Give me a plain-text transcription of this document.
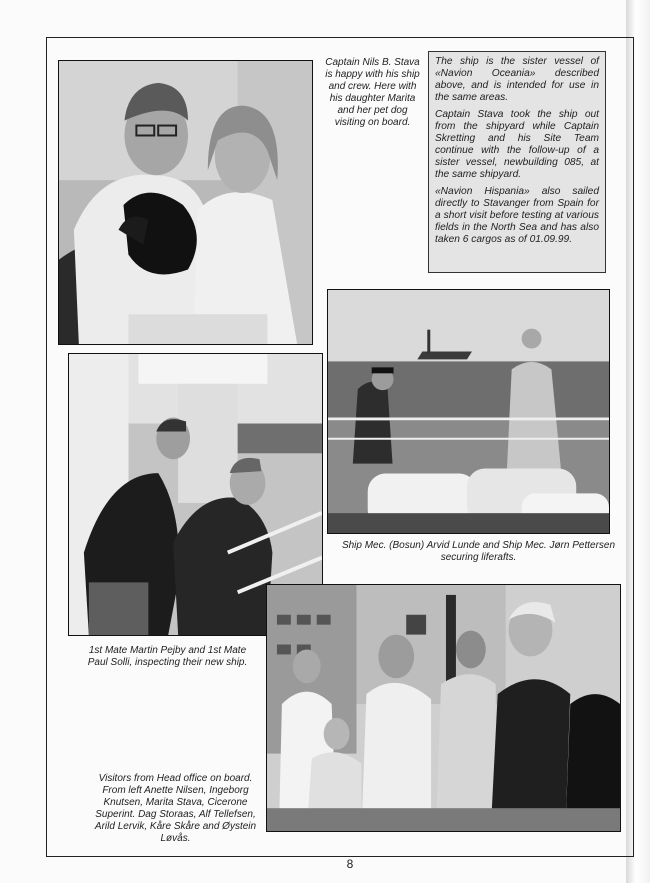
Captain Nils B. Stava is happy with his ship and crew. Here with his daughter Marita and her pet dog visiting on board.

The ship is the sister vessel of «Navion Oceania» described above, and is intended for use in the same areas.

Captain Stava took the ship out from the shipyard while Captain Skretting and his Site Team continue with the follow-up of a sister vessel, newbuilding 085, at the same shipyard.

«Navion Hispania» also sailed directly to Stavanger from Spain for a short visit before testing at various fields in the North Sea and has also taken 6 cargos as of 01.09.99.

Ship Mec. (Bosun) Arvid Lunde and Ship Mec. Jørn Pettersen securing liferafts.
1st Mate Martin Pejby and 1st Mate Paul Solli, inspecting their new ship.
Visitors from Head office on board. From left Anette Nilsen, Ingeborg Knutsen, Marita Stava, Cicerone Superint. Dag Storaas, Alf Tellefsen, Arild Lervik, Kåre Skåre and Øystein Løvås.
8
